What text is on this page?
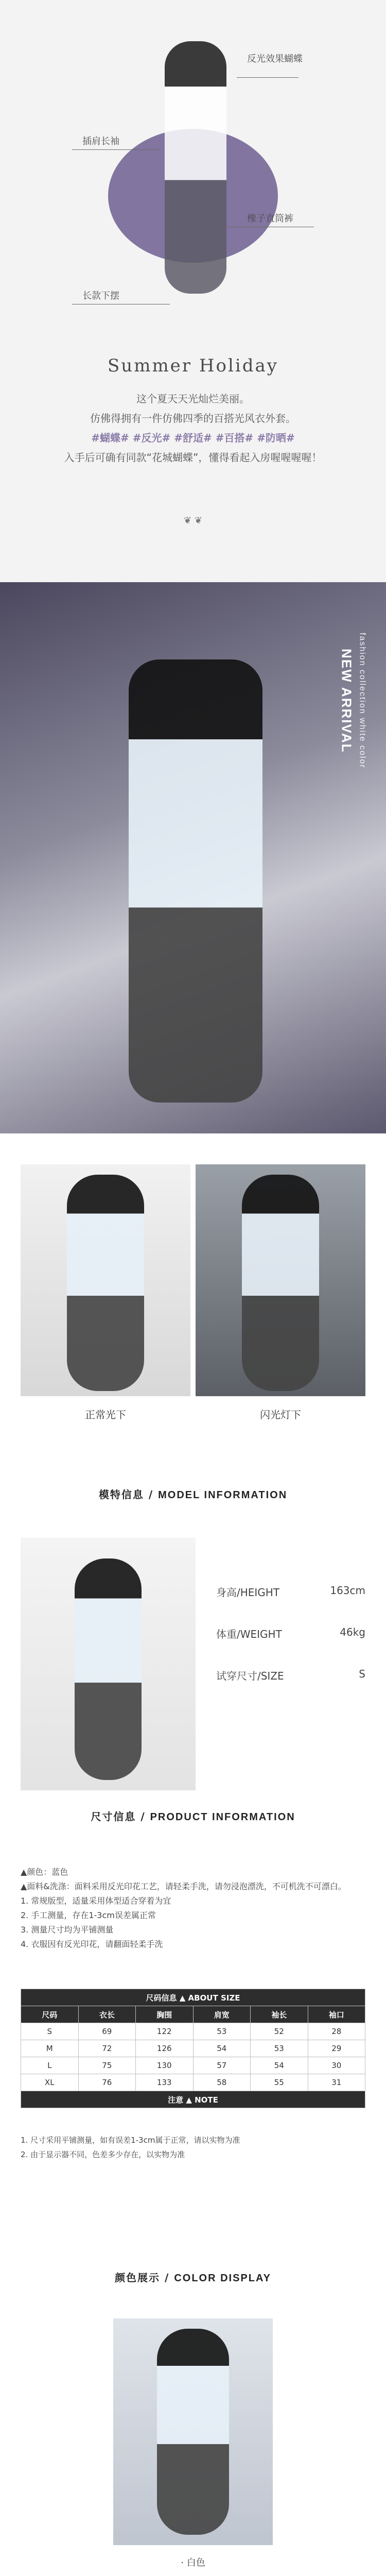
反光效果蝴蝶
插肩长袖
橡子直筒裤
长款下摆
Summer Holiday
这个夏天天光灿烂美丽。
仿佛得拥有一件仿佛四季的百搭光风衣外套。
#蝴蝶# #反光# #舒适# #百搭# #防晒#
入手后可确有同款“花城蝴蝶”，懂得看起入房喔喔喔喔！
❦ ❦
NEW ARRIVAL fashion collection white color
正常光下	闪光灯下
模特信息 / MODEL INFORMATION
身高/HEIGHT	163cm
体重/WEIGHT	46kg
试穿尺寸/SIZE	S
尺寸信息 / PRODUCT INFORMATION
▲颜色：蓝色
▲面料&洗涤：面料采用反光印花工艺，请轻柔手洗，请勿浸泡漂洗，不可机洗不可漂白。
1. 常规版型，适量采用体型适合穿着为宜
2. 手工测量，存在1-3cm误差属正常
3. 测量尺寸均为平铺测量
4. 衣服因有反光印花，请翻面轻柔手洗
尺码信息 ▲ ABOUT SIZE					
尺码	衣长	胸围	肩宽	袖长	袖口
S	69	122	53	52	28
M	72	126	54	53	29
L	75	130	57	54	30
XL	76	133	58	55	31
注意 ▲ NOTE					
1. 尺寸采用平铺测量，如有误差1-3cm属于正常，请以实物为准
2. 由于显示器不同，色差多少存在，以实物为准
颜色展示 / COLOR DISPLAY
· 白色
